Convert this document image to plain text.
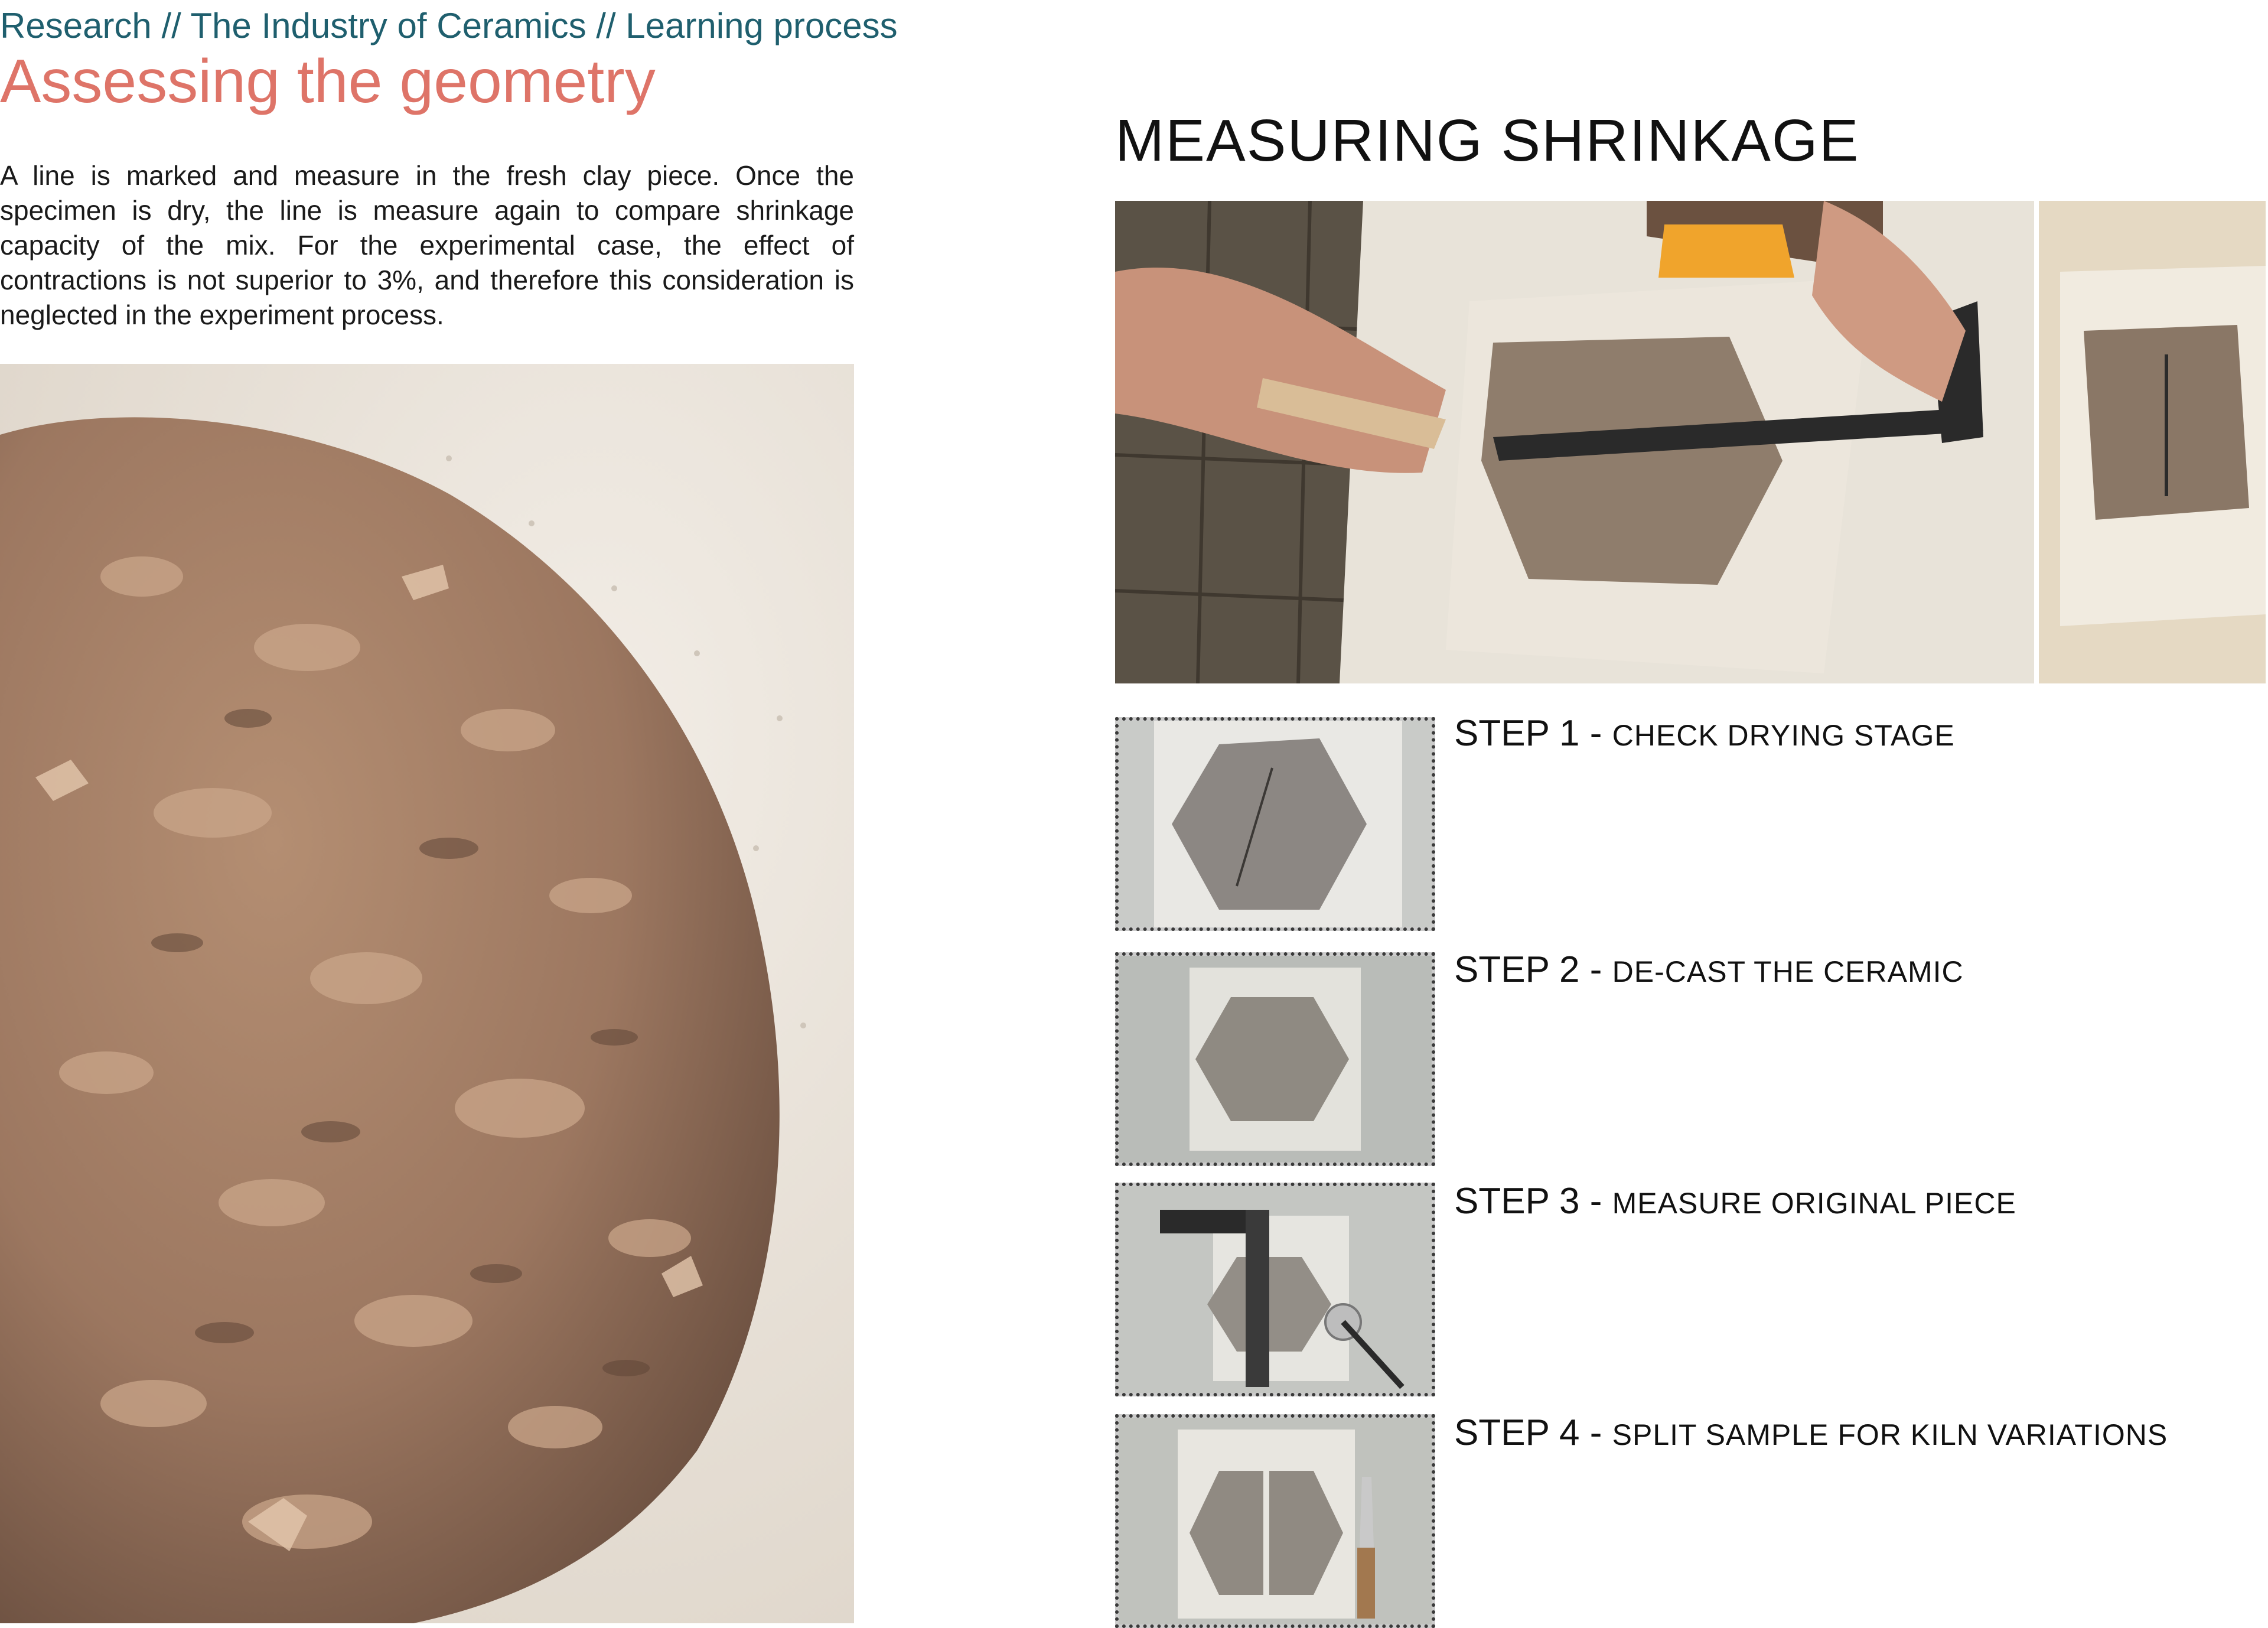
Research // The Industry of Ceramics // Learning process
Assessing the geometry
A line is marked and measure in the fresh clay piece. Once the specimen is dry, the line is measure again to compare shrinkage capacity of the mix. For the experimental case, the effect of contractions is not superior to 3%, and therefore this consideration is neglected in the experiment process.
MEASURING SHRINKAGE
STEP 1 - CHECK DRYING STAGE
STEP 2 - DE-CAST THE CERAMIC
STEP 3 - MEASURE ORIGINAL PIECE
STEP 4 - SPLIT SAMPLE FOR KILN VARIATIONS
